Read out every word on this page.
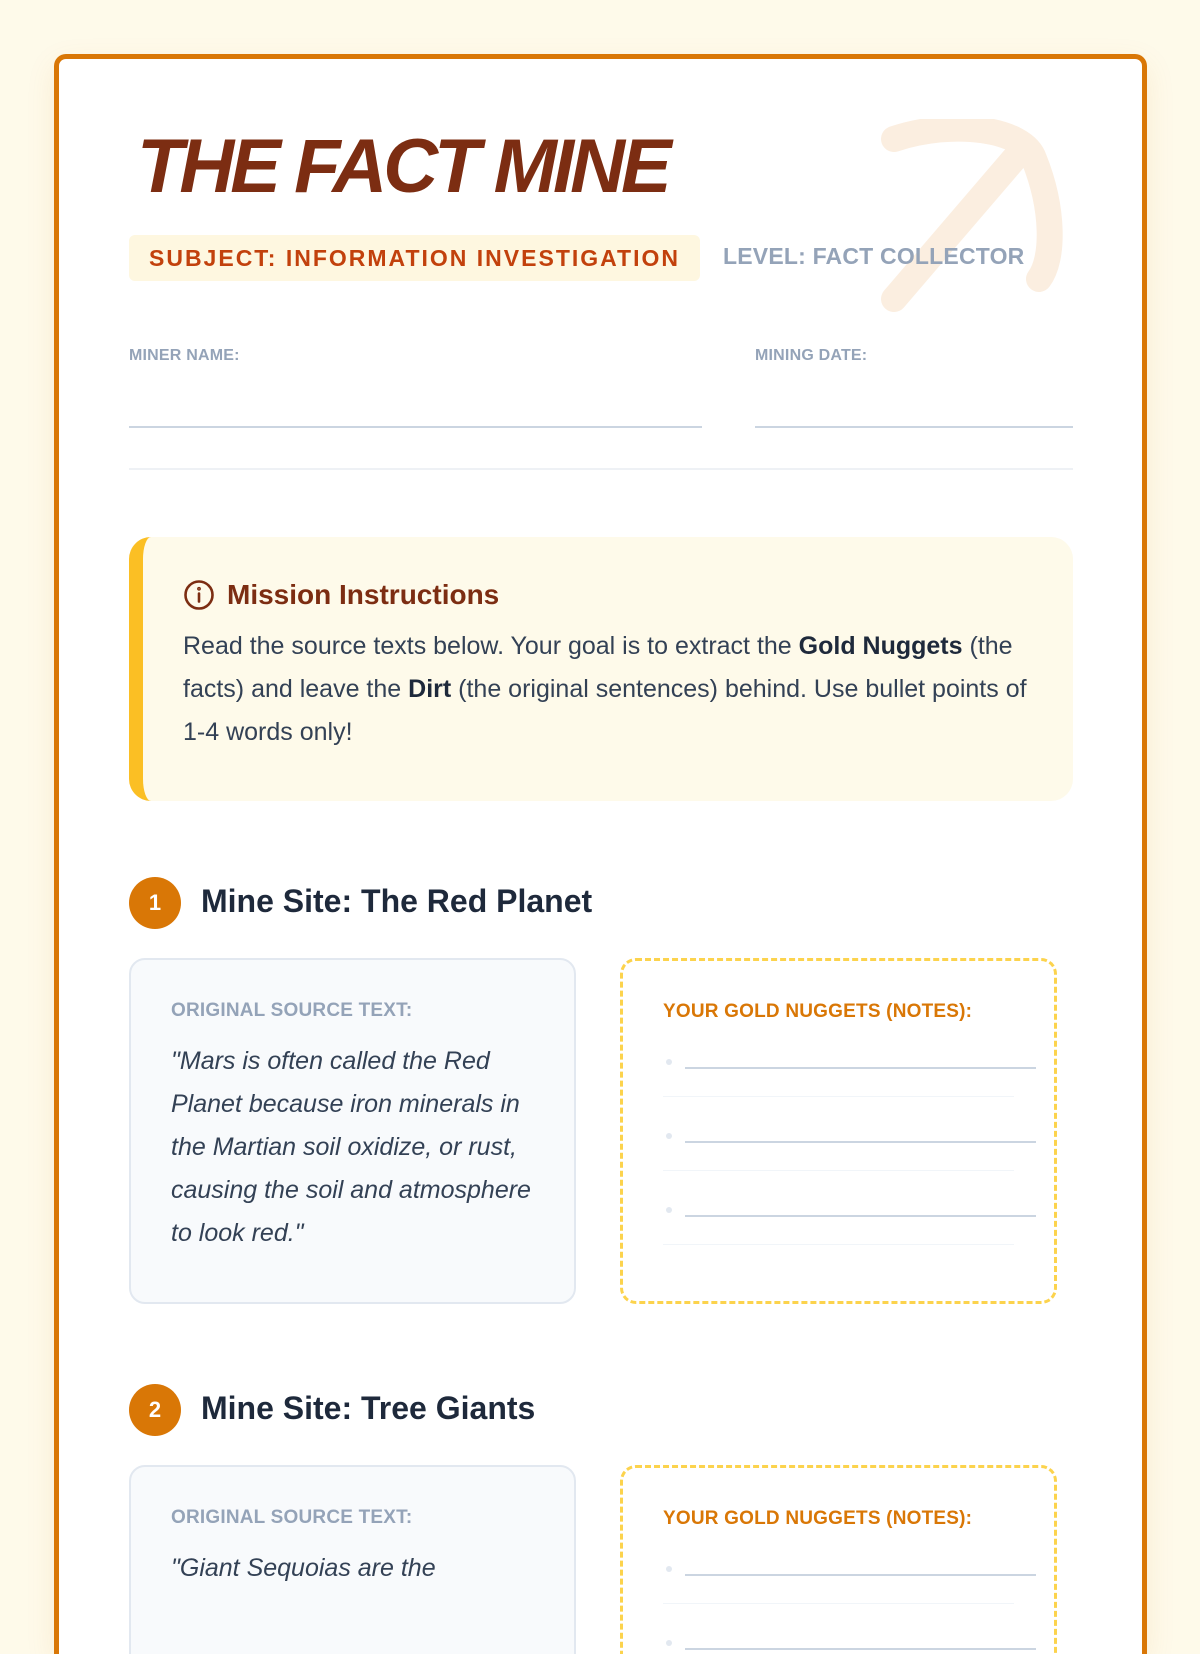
THE FACT MINE
SUBJECT: INFORMATION INVESTIGATION	LEVEL: FACT COLLECTOR
MINER NAME:	MINING DATE:
Mission Instructions

Read the source texts below. Your goal is to extract the Gold Nuggets (the facts) and leave the Dirt (the original sentences) behind. Use bullet points of 1-4 words only!

1	Mine Site: The Red Planet
ORIGINAL SOURCE TEXT:
"Mars is often called the Red Planet because iron minerals in the Martian soil oxidize, or rust, causing the soil and atmosphere to look red."
YOUR GOLD NUGGETS (NOTES):
2	Mine Site: Tree Giants
ORIGINAL SOURCE TEXT:
"Giant Sequoias are the
YOUR GOLD NUGGETS (NOTES):
